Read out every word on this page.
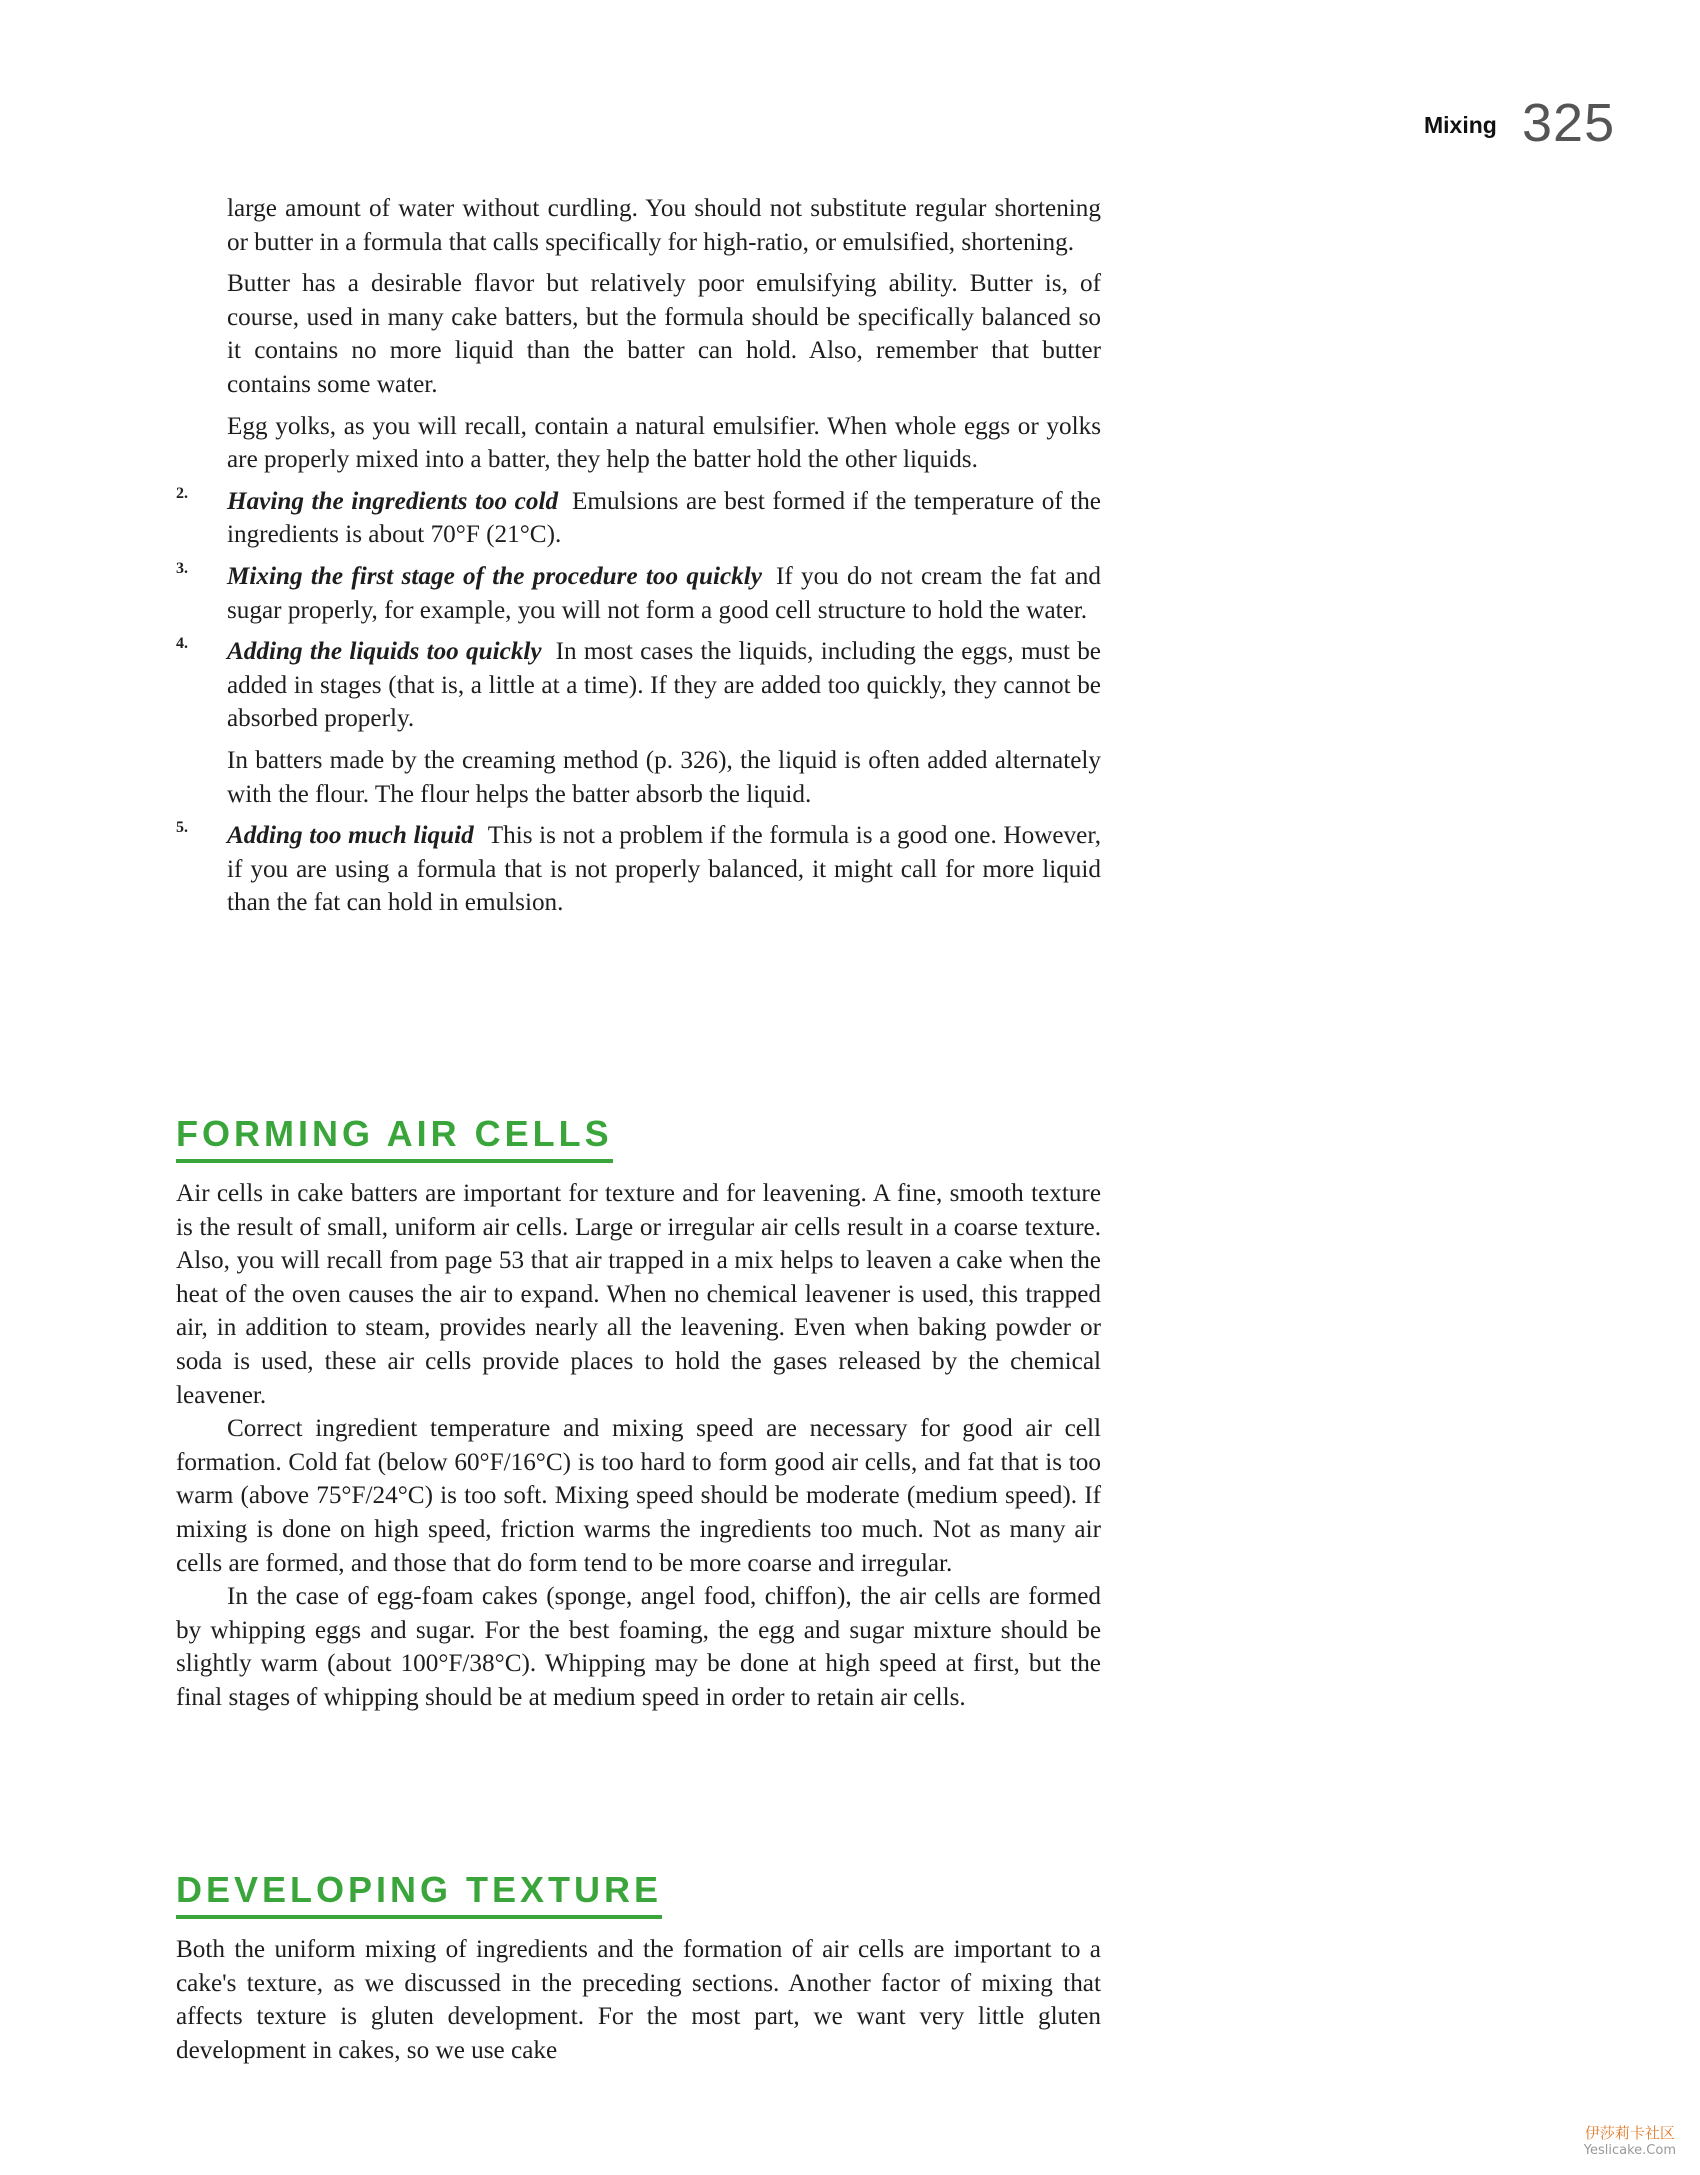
Mixing 325

large amount of water without curdling. You should not substitute regular shortening or butter in a formula that calls specifically for high-ratio, or emulsified, shortening.

Butter has a desirable flavor but relatively poor emulsifying ability. Butter is, of course, used in many cake batters, but the formula should be specifically balanced so it contains no more liquid than the batter can hold. Also, remember that butter contains some water.

Egg yolks, as you will recall, contain a natural emulsifier. When whole eggs or yolks are properly mixed into a batter, they help the batter hold the other liquids.

2. Having the ingredients too cold Emulsions are best formed if the temperature of the ingredients is about 70°F (21°C).

3. Mixing the first stage of the procedure too quickly If you do not cream the fat and sugar properly, for example, you will not form a good cell structure to hold the water.

4. Adding the liquids too quickly In most cases the liquids, including the eggs, must be added in stages (that is, a little at a time). If they are added too quickly, they cannot be absorbed properly.

In batters made by the creaming method (p. 326), the liquid is often added alternately with the flour. The flour helps the batter absorb the liquid.

5. Adding too much liquid This is not a problem if the formula is a good one. However, if you are using a formula that is not properly balanced, it might call for more liquid than the fat can hold in emulsion.

FORMING AIR CELLS

Air cells in cake batters are important for texture and for leavening. A fine, smooth texture is the result of small, uniform air cells. Large or irregular air cells result in a coarse texture. Also, you will recall from page 53 that air trapped in a mix helps to leaven a cake when the heat of the oven causes the air to expand. When no chemical leavener is used, this trapped air, in addition to steam, provides nearly all the leavening. Even when baking powder or soda is used, these air cells provide places to hold the gases released by the chemical leavener.

Correct ingredient temperature and mixing speed are necessary for good air cell formation. Cold fat (below 60°F/16°C) is too hard to form good air cells, and fat that is too warm (above 75°F/24°C) is too soft. Mixing speed should be moderate (medium speed). If mixing is done on high speed, friction warms the ingredients too much. Not as many air cells are formed, and those that do form tend to be more coarse and irregular.

In the case of egg-foam cakes (sponge, angel food, chiffon), the air cells are formed by whipping eggs and sugar. For the best foaming, the egg and sugar mixture should be slightly warm (about 100°F/38°C). Whipping may be done at high speed at first, but the final stages of whipping should be at medium speed in order to retain air cells.

DEVELOPING TEXTURE

Both the uniform mixing of ingredients and the formation of air cells are important to a cake's texture, as we discussed in the preceding sections. Another factor of mixing that affects texture is gluten development. For the most part, we want very little gluten development in cakes, so we use cake

伊莎莉卡社区
Yeslicake.Com
